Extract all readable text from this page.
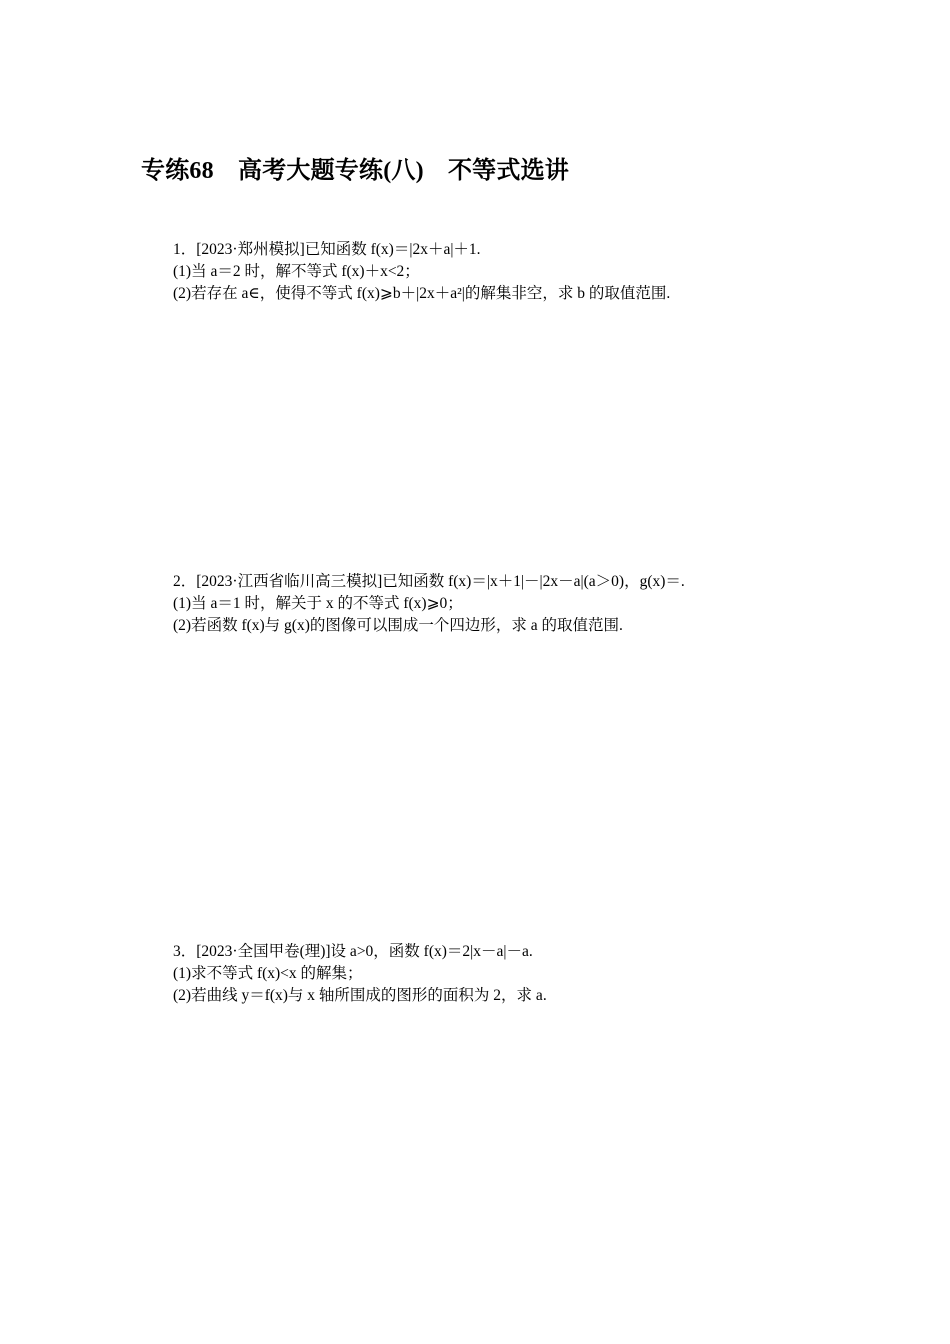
专练68　高考大题专练(八)　不等式选讲
1．[2023·郑州模拟]已知函数 f(x)＝|2x＋a|＋1.
(1)当 a＝2 时，解不等式 f(x)＋x<2；
(2)若存在 a∈，使得不等式 f(x)⩾b＋|2x＋a²|的解集非空，求 b 的取值范围.
2．[2023·江西省临川高三模拟]已知函数 f(x)＝|x＋1|－|2x－a|(a＞0)，g(x)＝.
(1)当 a＝1 时，解关于 x 的不等式 f(x)⩾0；
(2)若函数 f(x)与 g(x)的图像可以围成一个四边形，求 a 的取值范围.
3．[2023·全国甲卷(理)]设 a>0，函数 f(x)＝2|x－a|－a.
(1)求不等式 f(x)<x 的解集；
(2)若曲线 y＝f(x)与 x 轴所围成的图形的面积为 2，求 a.
